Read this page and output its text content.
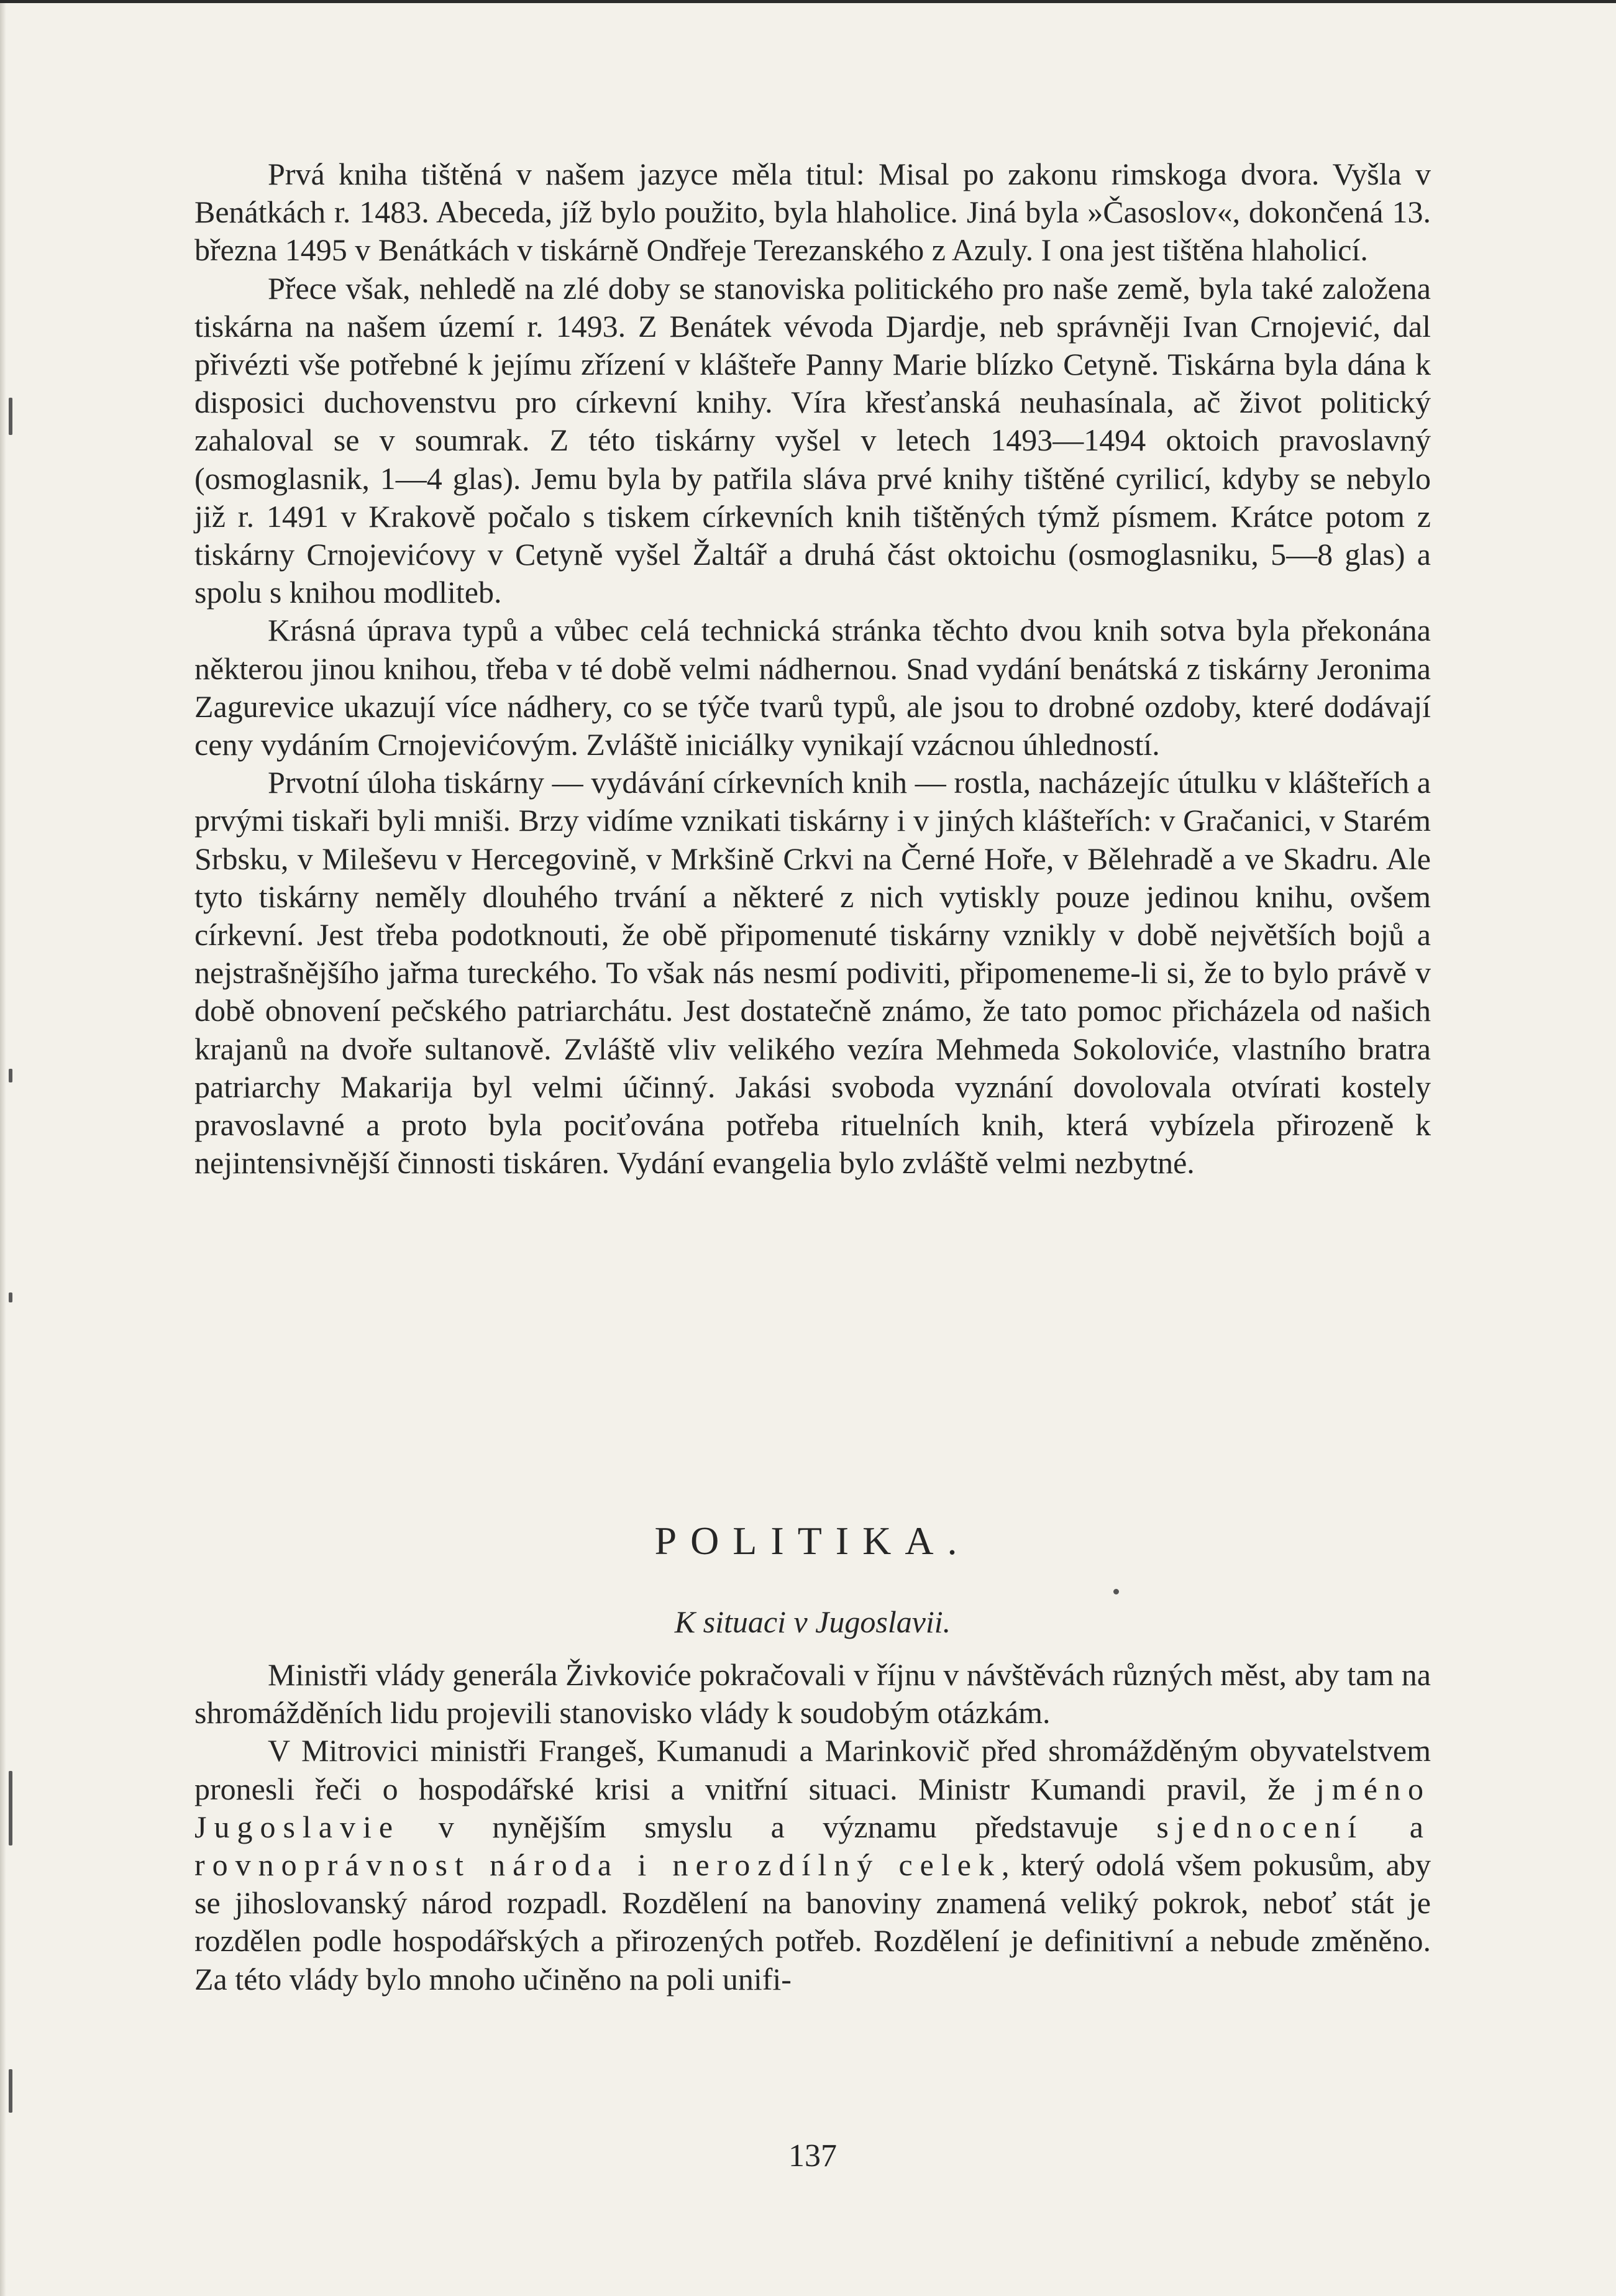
Prvá kniha tištěná v našem jazyce měla titul: Misal po zakonu rimskoga dvora. Vyšla v Benátkách r. 1483. Abeceda, jíž bylo použito, byla hlaholice. Jiná byla »Časoslov«, dokončená 13. března 1495 v Benátkách v tiskárně Ondřeje Terezanského z Azuly. I ona jest tištěna hlaholicí.

Přece však, nehledě na zlé doby se stanoviska politického pro naše země, byla také založena tiskárna na našem území r. 1493. Z Benátek vévoda Djardje, neb správněji Ivan Crnojević, dal přivézti vše potřebné k jejímu zřízení v klášteře Panny Marie blízko Cetyně. Tiskárna byla dána k disposici duchovenstvu pro církevní knihy. Víra křesťanská neuhasínala, ač život politický zahaloval se v soumrak. Z této tiskárny vyšel v letech 1493—1494 oktoich pravoslavný (osmoglasnik, 1—4 glas). Jemu byla by patřila sláva prvé knihy tištěné cyrilicí, kdyby se nebylo již r. 1491 v Krakově počalo s tiskem církevních knih tištěných týmž písmem. Krátce potom z tiskárny Crnojevićovy v Cetyně vyšel Žaltář a druhá část oktoichu (osmoglasniku, 5—8 glas) a spolu s knihou modliteb.

Krásná úprava typů a vůbec celá technická stránka těchto dvou knih sotva byla překonána některou jinou knihou, třeba v té době velmi nádhernou. Snad vydání benátská z tiskárny Jeronima Zagurevice ukazují více nádhery, co se týče tvarů typů, ale jsou to drobné ozdoby, které dodávají ceny vydáním Crnojevićovým. Zvláště iniciálky vynikají vzácnou úhledností.

Prvotní úloha tiskárny — vydávání církevních knih — rostla, nacházejíc útulku v klášteřích a prvými tiskaři byli mniši. Brzy vidíme vznikati tiskárny i v jiných klášteřích: v Gračanici, v Starém Srbsku, v Mileševu v Hercegovině, v Mrkšině Crkvi na Černé Hoře, v Bělehradě a ve Skadru. Ale tyto tiskárny neměly dlouhého trvání a některé z nich vytiskly pouze jedinou knihu, ovšem církevní. Jest třeba podotknouti, že obě připomenuté tiskárny vznikly v době největších bojů a nejstrašnějšího jařma tureckého. To však nás nesmí podiviti, připomeneme-li si, že to bylo právě v době obnovení pečského patriarchátu. Jest dostatečně známo, že tato pomoc přicházela od našich krajanů na dvoře sultanově. Zvláště vliv velikého vezíra Mehmeda Sokoloviće, vlastního bratra patriarchy Makarija byl velmi účinný. Jakási svoboda vyznání dovolovala otvírati kostely pravoslavné a proto byla pociťována potřeba rituelních knih, která vybízela přirozeně k nejintensivnější činnosti tiskáren. Vydání evangelia bylo zvláště velmi nezbytné.

POLITIKA.
K situaci v Jugoslavii.

Ministři vlády generála Živkoviće pokračovali v říjnu v návštěvách různých měst, aby tam na shromážděních lidu projevili stanovisko vlády k soudobým otázkám.

V Mitrovici ministři Frangeš, Kumanudi a Marinkovič před shromážděným obyvatelstvem pronesli řeči o hospodářské krisi a vnitřní situaci. Ministr Kumandi pravil, že jméno Jugoslavie v nynějším smyslu a významu představuje sjednocení a rovnoprávnost národa i nerozdílný celek, který odolá všem pokusům, aby se jihoslovanský národ rozpadl. Rozdělení na banoviny znamená veliký pokrok, neboť stát je rozdělen podle hospodářských a přirozených potřeb. Rozdělení je definitivní a nebude změněno. Za této vlády bylo mnoho učiněno na poli unifi-

137
